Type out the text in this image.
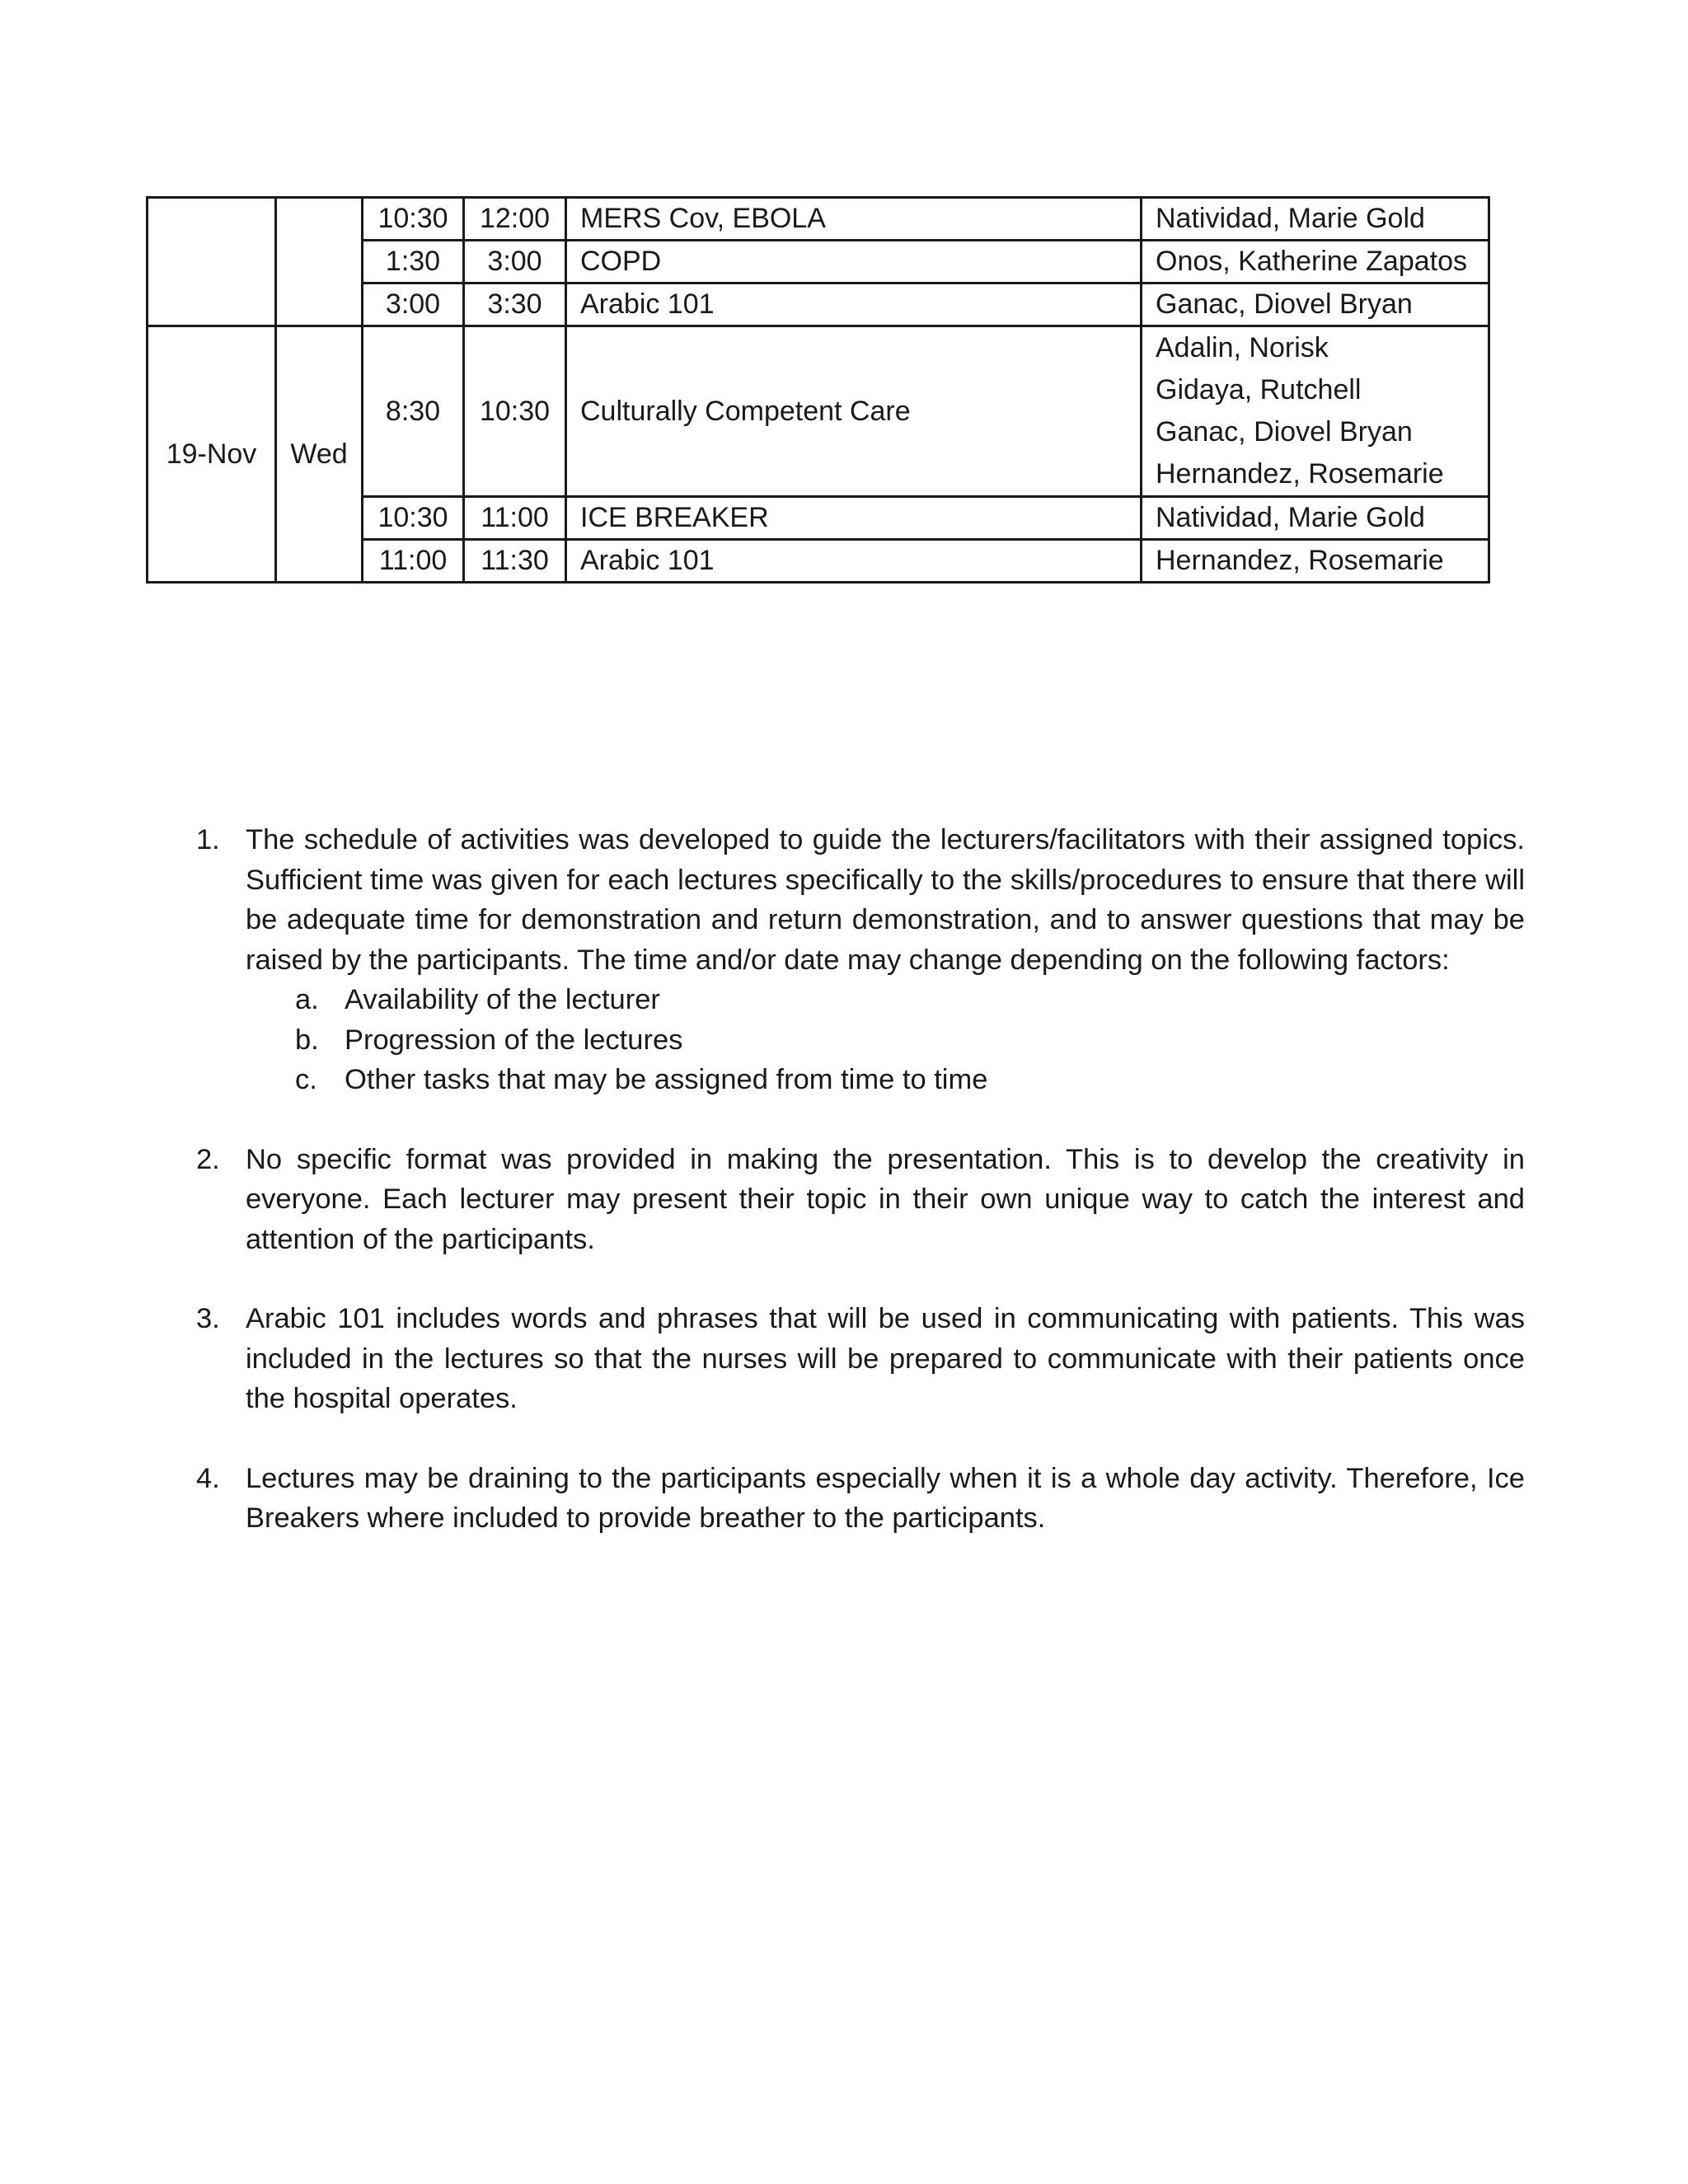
		10:30	12:00	MERS Cov, EBOLA	Natividad, Marie Gold
		1:30	3:00	COPD	Onos, Katherine Zapatos
		3:00	3:30	Arabic 101	Ganac, Diovel Bryan
19-Nov	Wed	8:30	10:30	Culturally Competent Care	Adalin, Norisk
Gidaya, Rutchell
Ganac, Diovel Bryan
Hernandez, Rosemarie

		10:30	11:00	ICE BREAKER	Natividad, Marie Gold
		11:00	11:30	Arabic 101	Hernandez, Rosemarie
1. The schedule of activities was developed to guide the lecturers/facilitators with their assigned topics. Sufficient time was given for each lectures specifically to the skills/procedures to ensure that there will be adequate time for demonstration and return demonstration, and to answer questions that may be raised by the participants. The time and/or date may change depending on the following factors:
a. Availability of the lecturer
b. Progression of the lectures
c. Other tasks that may be assigned from time to time
2. No specific format was provided in making the presentation. This is to develop the creativity in everyone. Each lecturer may present their topic in their own unique way to catch the interest and attention of the participants.
3. Arabic 101 includes words and phrases that will be used in communicating with patients. This was included in the lectures so that the nurses will be prepared to communicate with their patients once the hospital operates.
4. Lectures may be draining to the participants especially when it is a whole day activity. Therefore, Ice Breakers where included to provide breather to the participants.
